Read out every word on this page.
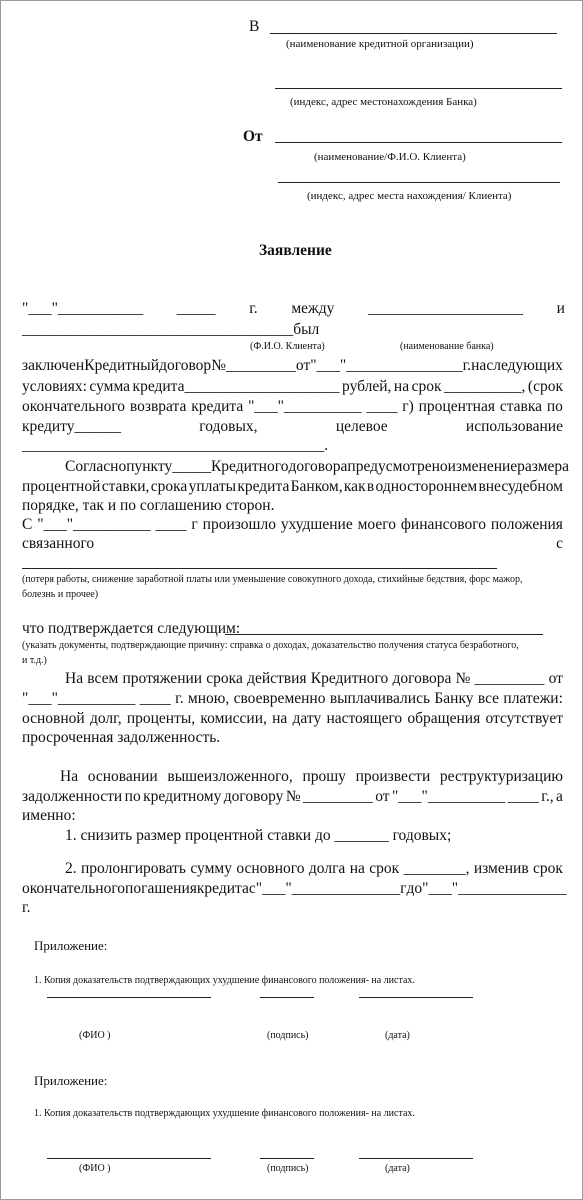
В
(наименование кредитной организации)
(индекс, адрес местонахождения Банка)
От
(наименование/Ф.И.О. Клиента)
(индекс, адрес места нахождения/ Клиента)
Заявление
"___"___________ _____ г. между ____________________ и
___________________________________был
(Ф.И.О. Клиента)	(наименование банка)
заключен Кредитный договор № _________ от "___"_________ ______ г. на следующих
условиях: сумма кредита____________________ рублей, на срок __________, (срок
окончательного возврата кредита "___"__________ ____ г) процентная ставка по
кредиту______	годовых,	целевое	использование
_______________________________________.
Согласно пункту _____ Кредитного договора предусмотрено изменение размера
процентной ставки, срока уплаты кредита Банком, как в одностороннем внесудебном
порядке, так и по соглашению сторон.
С "___"__________ ____ г произошло ухудшение моего финансового положения
связанного	с
(потеря работы, снижение заработной платы или уменьшение совокупного дохода, стихийные бедствия, форс мажор,
болезнь и прочее)
что подтверждается следующим:
(указать документы, подтверждающие причину: справка о доходах, доказательство получения статуса безработного,
и т.д.)
На всем протяжении срока действия Кредитного договора № _________ от
"___"__________ ____ г. мною, своевременно выплачивались Банку все платежи:
основной долг, проценты, комиссии, на дату настоящего обращения отсутствует
просроченная задолженность.
На основании вышеизложенного, прошу произвести реструктуризацию
задолженности по кредитному договору № _________ от "___"__________ ____ г., а
именно:
1. снизить размер процентной ставки до _______ годовых;
2. пролонгировать сумму основного долга на срок ________, изменив срок
окончательного погашения кредита с "___"__________ ____ г до "___"__________ ____
г.
Приложение:
1. Копия доказательств подтверждающих ухудшение финансового положения- на листах.
(ФИО )	(подпись)	(дата)
Приложение:
1. Копия доказательств подтверждающих ухудшение финансового положения- на листах.
(ФИО )	(подпись)	(дата)
